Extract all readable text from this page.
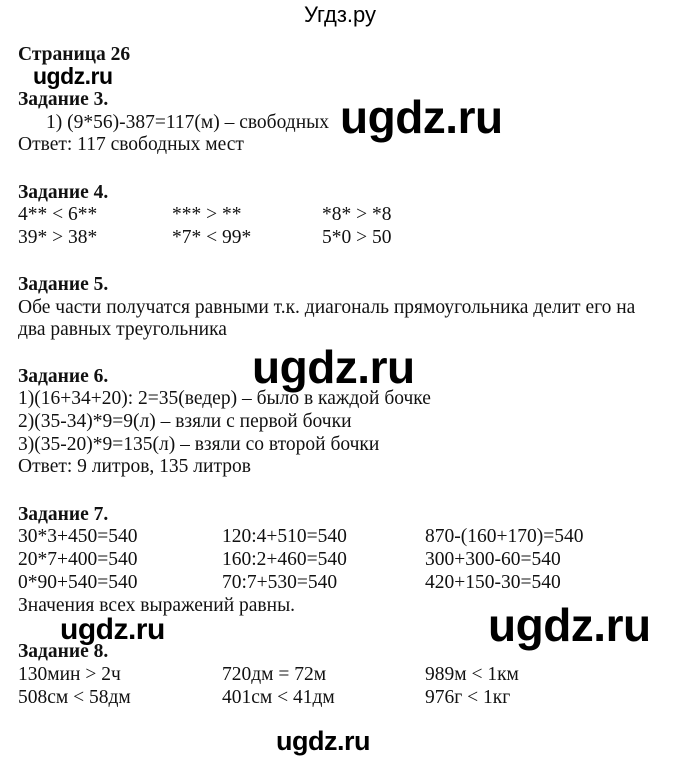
Угдз.ру
Страница 26
ugdz.ru
Задание 3.
1) (9*56)-387=117(м) – свободных ugdz.ru
Ответ: 117 свободных мест
Задание 4.
4** < 6**	*** > **	*8* > *8
39* > 38*	*7* < 99*	5*0 > 50
Задание 5.
Обе части получатся равными т.к. диагональ прямоугольника делит его на
два равных треугольника
ugdz.ru
Задание 6.
1)(16+34+20): 2=35(ведер) – было в каждой бочке
2)(35-34)*9=9(л) – взяли с первой бочки
3)(35-20)*9=135(л) – взяли со второй бочки
Ответ: 9 литров, 135 литров
Задание 7.
30*3+450=540	120:4+510=540	870-(160+170)=540
20*7+400=540	160:2+460=540	300+300-60=540
0*90+540=540	70:7+530=540	420+150-30=540
Значения всех выражений равны.
ugdz.ru	ugdz.ru
Задание 8.
130мин > 2ч	720дм = 72м	989м < 1км
508см < 58дм	401см < 41дм	976г < 1кг
ugdz.ru
